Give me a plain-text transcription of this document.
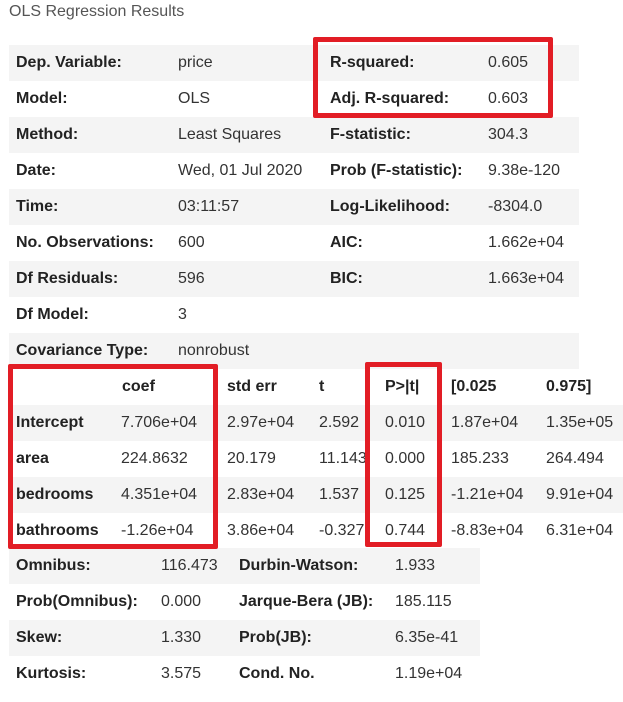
OLS Regression Results
Dep. Variable:	price	R-squared:	0.605
Model:	OLS	Adj. R-squared:	0.603
Method:	Least Squares	F-statistic:	304.3
Date:	Wed, 01 Jul 2020	Prob (F-statistic):	9.38e-120
Time:	03:11:57	Log-Likelihood:	-8304.0
No. Observations:	600	AIC:	1.662e+04
Df Residuals:	596	BIC:	1.663e+04
Df Model:	3		
Covariance Type:	nonrobust		
	coef	std err	t	P>|t|	[0.025	0.975]
Intercept	7.706e+04	2.97e+04	2.592	0.010	1.87e+04	1.35e+05
area	224.8632	20.179	11.143	0.000	185.233	264.494
bedrooms	4.351e+04	2.83e+04	1.537	0.125	-1.21e+04	9.91e+04
bathrooms	-1.26e+04	3.86e+04	-0.327	0.744	-8.83e+04	6.31e+04
Omnibus:	116.473	Durbin-Watson:	1.933
Prob(Omnibus):	0.000	Jarque-Bera (JB):	185.115
Skew:	1.330	Prob(JB):	6.35e-41
Kurtosis:	3.575	Cond. No.	1.19e+04
